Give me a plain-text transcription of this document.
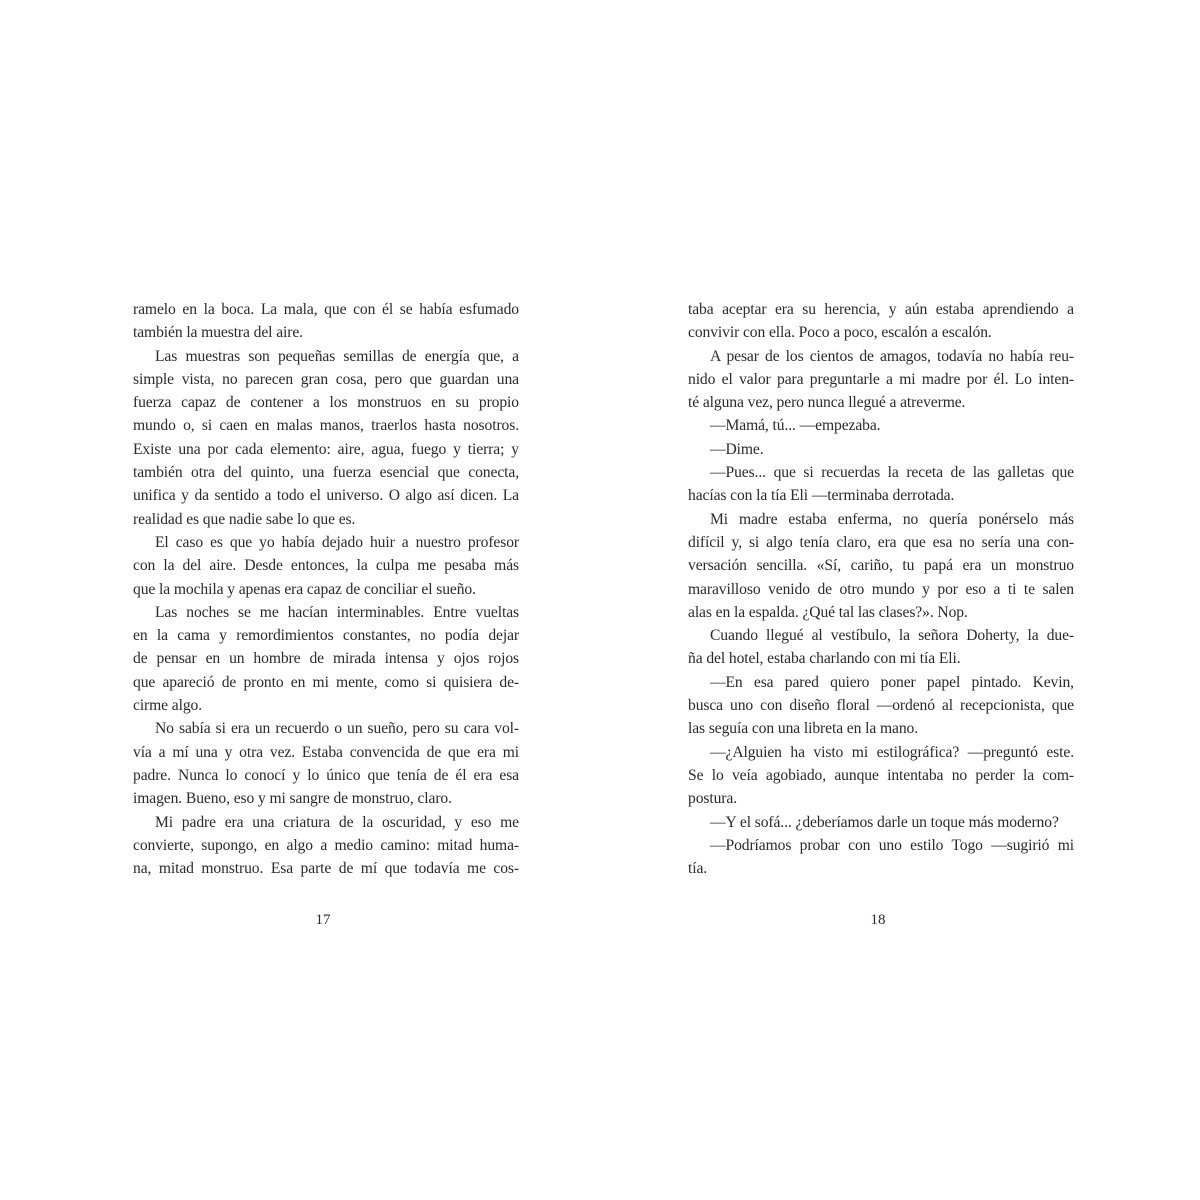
ramelo en la boca. La mala, que con él se había esfumado
también la muestra del aire.
Las muestras son pequeñas semillas de energía que, a
simple vista, no parecen gran cosa, pero que guardan una
fuerza capaz de contener a los monstruos en su propio
mundo o, si caen en malas manos, traerlos hasta nosotros.
Existe una por cada elemento: aire, agua, fuego y tierra; y
también otra del quinto, una fuerza esencial que conecta,
unifica y da sentido a todo el universo. O algo así dicen. La
realidad es que nadie sabe lo que es.
El caso es que yo había dejado huir a nuestro profesor
con la del aire. Desde entonces, la culpa me pesaba más
que la mochila y apenas era capaz de conciliar el sueño.
Las noches se me hacían interminables. Entre vueltas
en la cama y remordimientos constantes, no podía dejar
de pensar en un hombre de mirada intensa y ojos rojos
que apareció de pronto en mi mente, como si quisiera de-
cirme algo.
No sabía si era un recuerdo o un sueño, pero su cara vol-
vía a mí una y otra vez. Estaba convencida de que era mi
padre. Nunca lo conocí y lo único que tenía de él era esa
imagen. Bueno, eso y mi sangre de monstruo, claro.
Mi padre era una criatura de la oscuridad, y eso me
convierte, supongo, en algo a medio camino: mitad huma-
na, mitad monstruo. Esa parte de mí que todavía me cos-
17
taba aceptar era su herencia, y aún estaba aprendiendo a
convivir con ella. Poco a poco, escalón a escalón.
A pesar de los cientos de amagos, todavía no había reu-
nido el valor para preguntarle a mi madre por él. Lo inten-
té alguna vez, pero nunca llegué a atreverme.
—Mamá, tú... —empezaba.
—Dime.
—Pues... que si recuerdas la receta de las galletas que
hacías con la tía Eli —terminaba derrotada.
Mi madre estaba enferma, no quería ponérselo más
difícil y, si algo tenía claro, era que esa no sería una con-
versación sencilla. «Sí, cariño, tu papá era un monstruo
maravilloso venido de otro mundo y por eso a ti te salen
alas en la espalda. ¿Qué tal las clases?». Nop.
Cuando llegué al vestíbulo, la señora Doherty, la due-
ña del hotel, estaba charlando con mi tía Eli.
—En esa pared quiero poner papel pintado. Kevin,
busca uno con diseño floral —ordenó al recepcionista, que
las seguía con una libreta en la mano.
—¿Alguien ha visto mi estilográfica? —preguntó este.
Se lo veía agobiado, aunque intentaba no perder la com-
postura.
—Y el sofá... ¿deberíamos darle un toque más moderno?
—Podríamos probar con uno estilo Togo —sugirió mi
tía.
18
